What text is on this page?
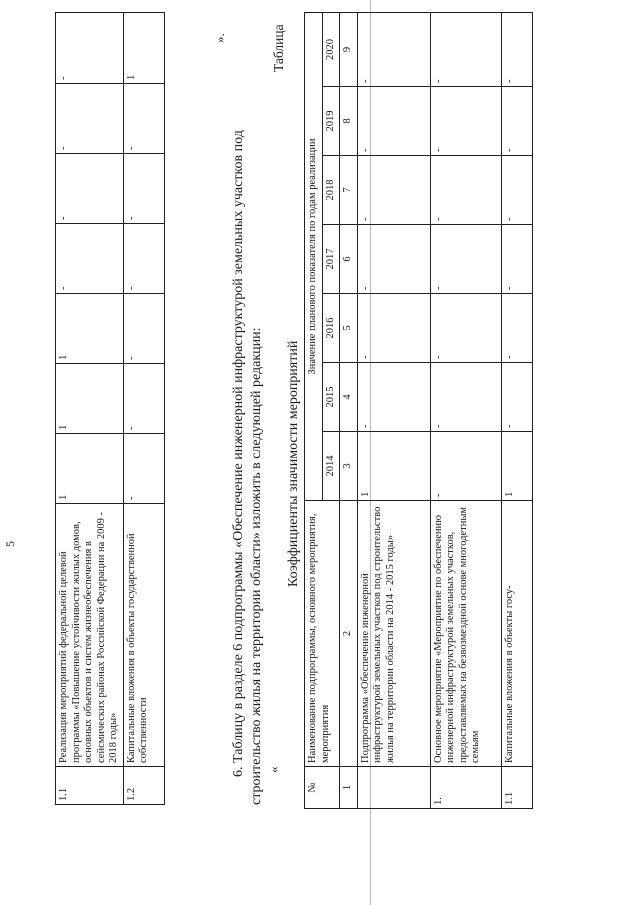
5
1.1	Реализация мероприятий федеральной целевой программы «Повышение устойчивости жилых домов, основных объектов и систем жизнеобеспечения в сейсмических районах Российской Федерации на 2009 - 2018 годы»	1	1	1	-	-	-	-
1.2	Капитальные вложения в объекты государственной собственности	-	-	-	-	-	-	1
».
6. Таблицу в разделе 6 подпрограммы «Обеспечение инженерной инфраструктурой земельных участков под строительство жилья на территории области» изложить в следующей редакции: «
Таблица
Коэффициенты значимости мероприятий
№	Наименование подпрограммы, основного мероприятия, мероприятия	Значение планового показателя по годам реализации						
		2014	2015	2016	2017	2018	2019	2020
1	2	3	4	5	6	7	8	9
	Подпрограмма «Обеспечение инженерной инфраструктурой земельных участков под строительство жилья на территории области на 2014 - 2015 годы»	1	-	-	-	-	-	-
1.	Основное мероприятие «Мероприятие по обеспечению инженерной инфраструктурой земельных участков, предоставляемых на безвозмездной основе многодетным семьям	-	-	-	-	-	-	-
1.1	Капитальные вложения в объекты госу-	1	-	-	-	-	-	-
